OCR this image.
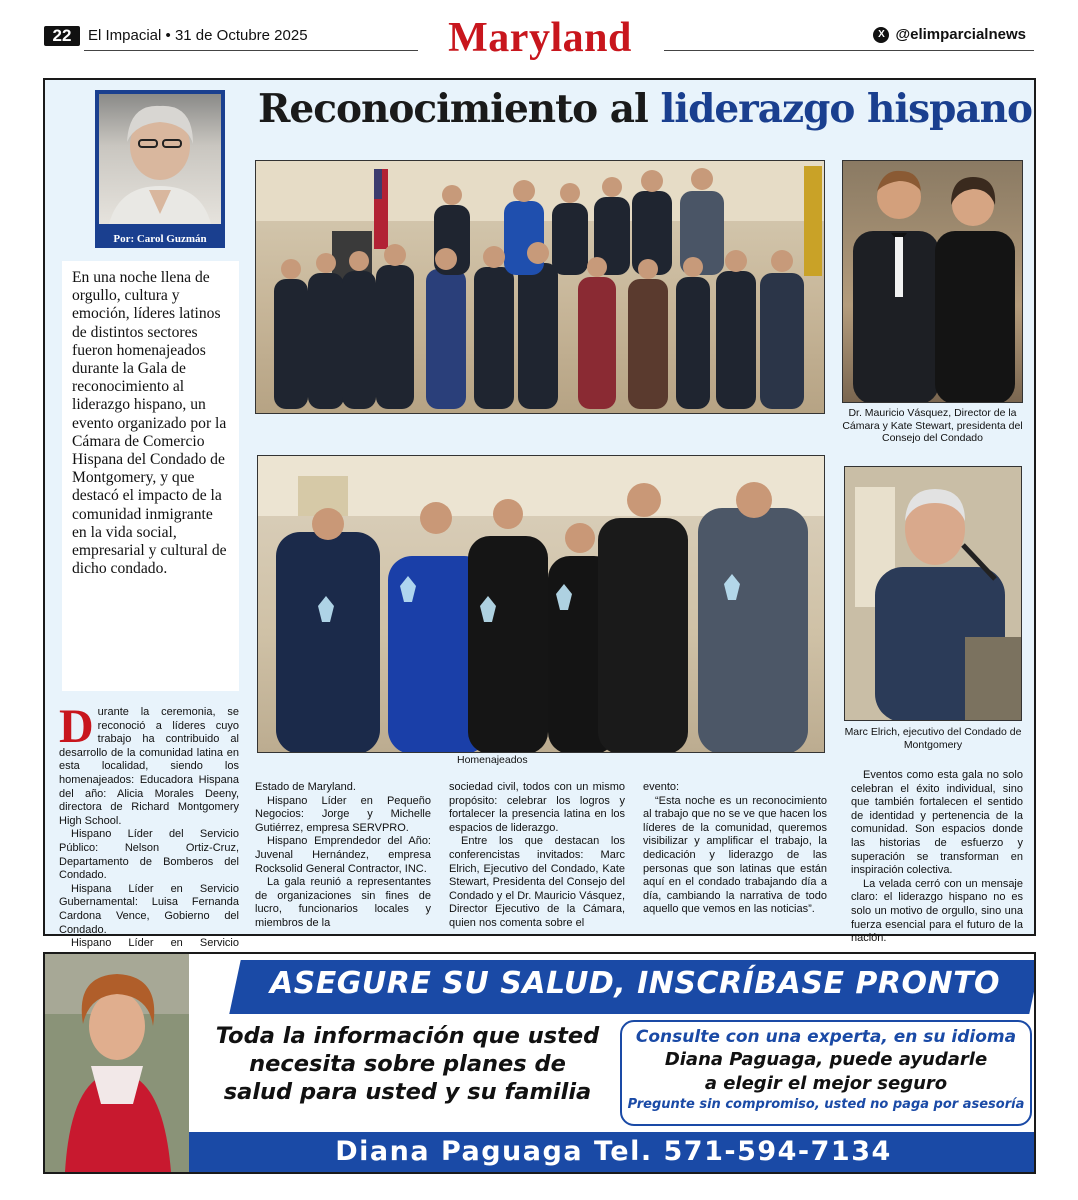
22	El Impacial • 31 de Octubre 2025	Maryland	X @elimparcialnews
Por: Carol Guzmán
Reconocimiento al liderazgo hispano
En una noche llena de orgullo, cultura y emoción, líderes latinos de distintos sectores fueron homenajeados durante la Gala de reconocimiento al liderazgo hispano, un evento organizado por la Cámara de Comercio Hispana del Condado de Montgomery, y que destacó el impacto de la comunidad inmigrante en la vida social, empresarial y cultural de dicho condado.
Dr. Mauricio Vásquez, Director de la Cámara y Kate Stewart, presidenta del Consejo del Condado
Homenajeados
Marc Elrich, ejecutivo del Condado de Montgomery

Durante la ceremonia, se reconoció a líderes cuyo trabajo ha contribuido al desarrollo de la comunidad latina en esta localidad, siendo los homenajeados: Educadora Hispana del año: Alicia Morales Deeny, directora de Richard Montgomery High School.

Hispano Líder del Servicio Público: Nelson Ortiz-Cruz, Departamento de Bomberos del Condado.

Hispana Líder en Servicio Gubernamental: Luisa Fernanda Cardona Vence, Gobierno del Condado.

Hispano Líder en Servicio

Estado de Maryland.

Hispano Líder en Pequeño Negocios: Jorge y Michelle Gutiérrez, empresa SERVPRO.

Hispano Emprendedor del Año: Juvenal Hernández, empresa Rocksolid General Contractor, INC.

La gala reunió a representantes de organizaciones sin fines de lucro, funcionarios locales y miembros de la

sociedad civil, todos con un mismo propósito: celebrar los logros y fortalecer la presencia latina en los espacios de liderazgo.

Entre los que destacan los conferencistas invitados: Marc Elrich, Ejecutivo del Condado, Kate Stewart, Presidenta del Consejo del Condado y el Dr. Mauricio Vásquez, Director Ejecutivo de la Cámara, quien nos comenta sobre el

evento:

“Esta noche es un reconocimiento al trabajo que no se ve que hacen los líderes de la comunidad, queremos visibilizar y amplificar el trabajo, la dedicación y liderazgo de las personas que son latinas que están aquí en el condado trabajando día a día, cambiando la narrativa de todo aquello que vemos en las noticias”.

Eventos como esta gala no solo celebran el éxito individual, sino que también fortalecen el sentido de identidad y pertenencia de la comunidad. Son espacios donde las historias de esfuerzo y superación se transforman en inspiración colectiva.

La velada cerró con un mensaje claro: el liderazgo hispano no es solo un motivo de orgullo, sino una fuerza esencial para el futuro de la nación.

ASEGURE SU SALUD, INSCRÍBASE PRONTO
Toda la información que usted
necesita sobre planes de
salud para usted y su familia
Consulte con una experta, en su idioma
Diana Paguaga, puede ayudarle
a elegir el mejor seguro
Pregunte sin compromiso, usted no paga por asesoría
Diana Paguaga Tel. 571-594-7134
